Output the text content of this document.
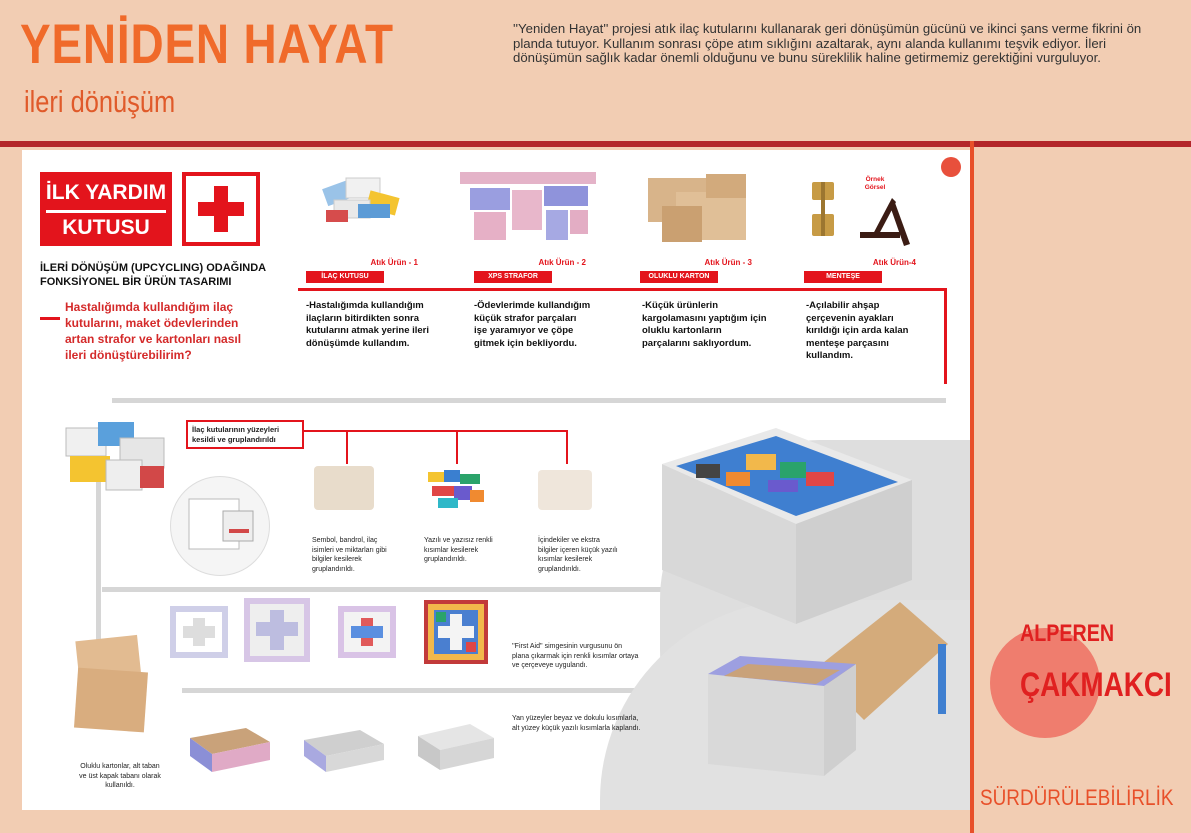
YENİDEN HAYAT
ileri dönüşüm
''Yeniden Hayat'' projesi atık ilaç kutularını kullanarak geri dönüşümün gücünü ve ikinci şans verme fikrini ön planda tutuyor. Kullanım sonrası çöpe atım sıklığını azaltarak, aynı alanda kullanımı teşvik ediyor. İleri dönüşümün sağlık kadar önemli olduğunu ve bunu süreklilik haline getirmemiz gerektiğini vurguluyor.
İLK YARDIM
KUTUSU
İLERİ DÖNÜŞÜM (UPCYCLING) ODAĞINDA FONKSİYONEL BİR ÜRÜN TASARIMI
Hastalığımda kullandığım ilaç kutularını, maket ödevlerinden artan strafor ve kartonları nasıl ileri dönüştürebilirim?
Örnek Görsel
Atık Ürün - 1
İLAÇ KUTUSU
-Hastalığımda kullandığım ilaçların bitirdikten sonra kutularını atmak yerine ileri dönüşümde kullandım.
Atık Ürün - 2
XPS STRAFOR
-Ödevlerimde kullandığım küçük strafor parçaları işe yaramıyor ve çöpe gitmek için bekliyordu.
Atık Ürün - 3
OLUKLU KARTON
-Küçük ürünlerin kargolamasını yaptığım için oluklu kartonların parçalarını saklıyordum.
Atık Ürün-4
MENTEŞE
-Açılabilir ahşap çerçevenin ayakları kırıldığı için arda kalan menteşe parçasını kullandım.
İlaç kutularının yüzeyleri kesildi ve gruplandırıldı
Sembol, bandrol, ilaç isimleri ve miktarları gibi bilgiler kesilerek gruplandırıldı.
Yazılı ve yazısız renkli kısımlar kesilerek gruplandırıldı.
İçindekiler ve ekstra bilgiler içeren küçük yazılı kısımlar kesilerek gruplandırıldı.
''First Aid'' simgesinin vurgusunu ön plana çıkarmak için renkli kısımlar ortaya ve çerçeveye uygulandı.
Oluklu kartonlar, alt taban ve üst kapak tabanı olarak kullanıldı.
Yan yüzeyler beyaz ve dokulu kısımlarla, alt yüzey küçük yazılı kısımlarla kaplandı.
ALPEREN
ÇAKMAKCI
SÜRDÜRÜLEBİLİRLİK
